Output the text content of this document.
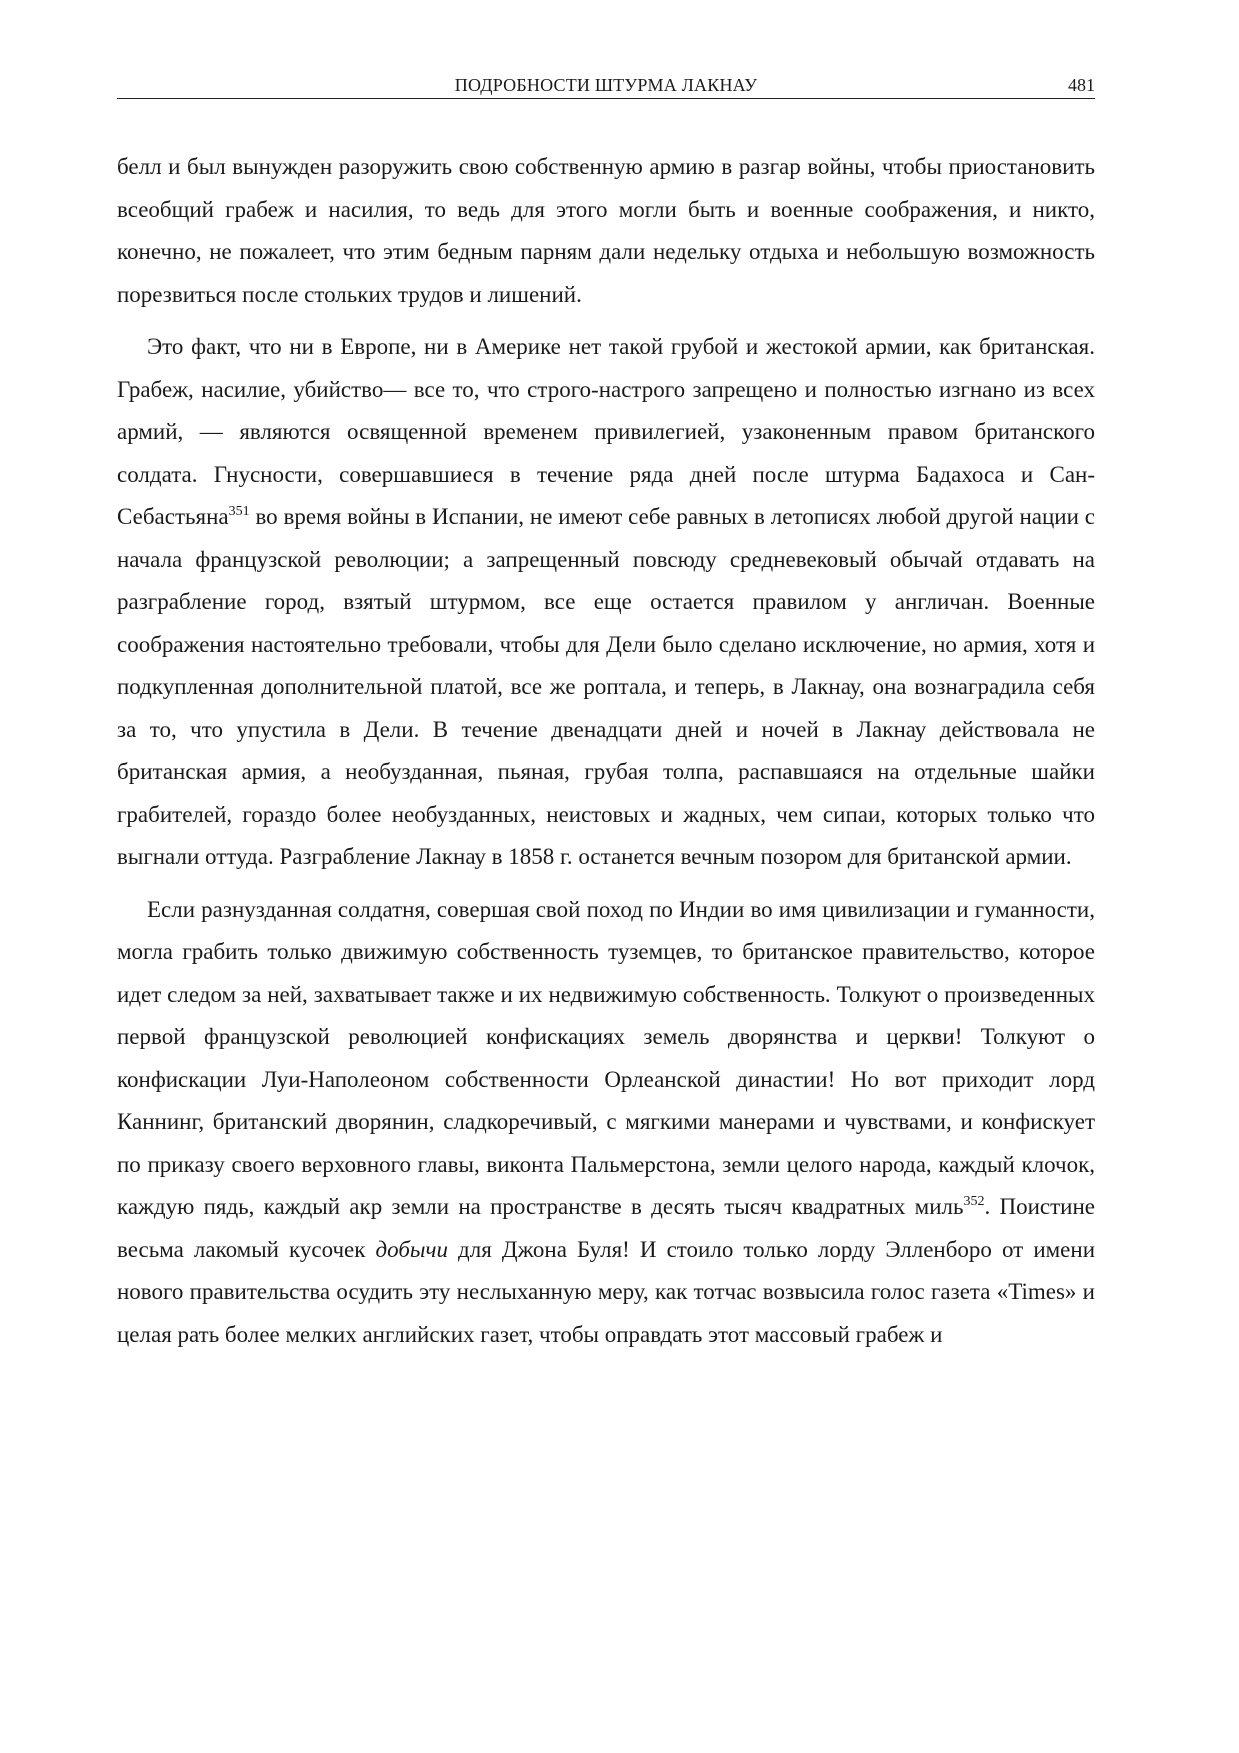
ПОДРОБНОСТИ ШТУРМА ЛАКНАУ	481

белл и был вынужден разоружить свою собственную армию в разгар войны, чтобы приостановить всеобщий грабеж и насилия, то ведь для этого могли быть и военные соображения, и никто, конечно, не пожалеет, что этим бедным парням дали недельку отдыха и небольшую возможность порезвиться после стольких трудов и лишений.

Это факт, что ни в Европе, ни в Америке нет такой грубой и жестокой армии, как британская. Грабеж, насилие, убийство— все то, что строго-настрого запрещено и полностью изгнано из всех армий, — являются освященной временем привилегией, узаконенным правом британского солдата. Гнусности, совершавшиеся в течение ряда дней после штурма Бадахоса и Сан-Себастьяна$^{351}$ во время войны в Испании, не имеют себе равных в летописях любой другой нации с начала французской революции; а запрещенный повсюду средневековый обычай отдавать на разграбление город, взятый штурмом, все еще остается правилом у англичан. Военные соображения настоятельно требовали, чтобы для Дели было сделано исключение, но армия, хотя и подкупленная дополнительной платой, все же роптала, и теперь, в Лакнау, она вознаградила себя за то, что упустила в Дели. В течение двенадцати дней и ночей в Лакнау действовала не британская армия, а необузданная, пьяная, грубая толпа, распавшаяся на отдельные шайки грабителей, гораздо более необузданных, неистовых и жадных, чем сипаи, которых только что выгнали оттуда. Разграбление Лакнау в 1858 г. останется вечным позором для британской армии.

Если разнузданная солдатня, совершая свой поход по Индии во имя цивилизации и гуманности, могла грабить только движимую собственность туземцев, то британское правительство, которое идет следом за ней, захватывает также и их недвижимую собственность. Толкуют о произведенных первой французской революцией конфискациях земель дворянства и церкви! Толкуют о конфискации Луи-Наполеоном собственности Орлеанской династии! Но вот приходит лорд Каннинг, британский дворянин, сладкоречивый, с мягкими манерами и чувствами, и конфискует по приказу своего верховного главы, виконта Пальмерстона, земли целого народа, каждый клочок, каждую пядь, каждый акр земли на пространстве в десять тысяч квадратных миль$^{352}$. Поистине весьма лакомый кусочек добычи для Джона Буля! И стоило только лорду Элленборо от имени нового правительства осудить эту неслыханную меру, как тотчас возвысила голос газета «Times» и целая рать более мелких английских газет, чтобы оправдать этот массовый грабеж и
